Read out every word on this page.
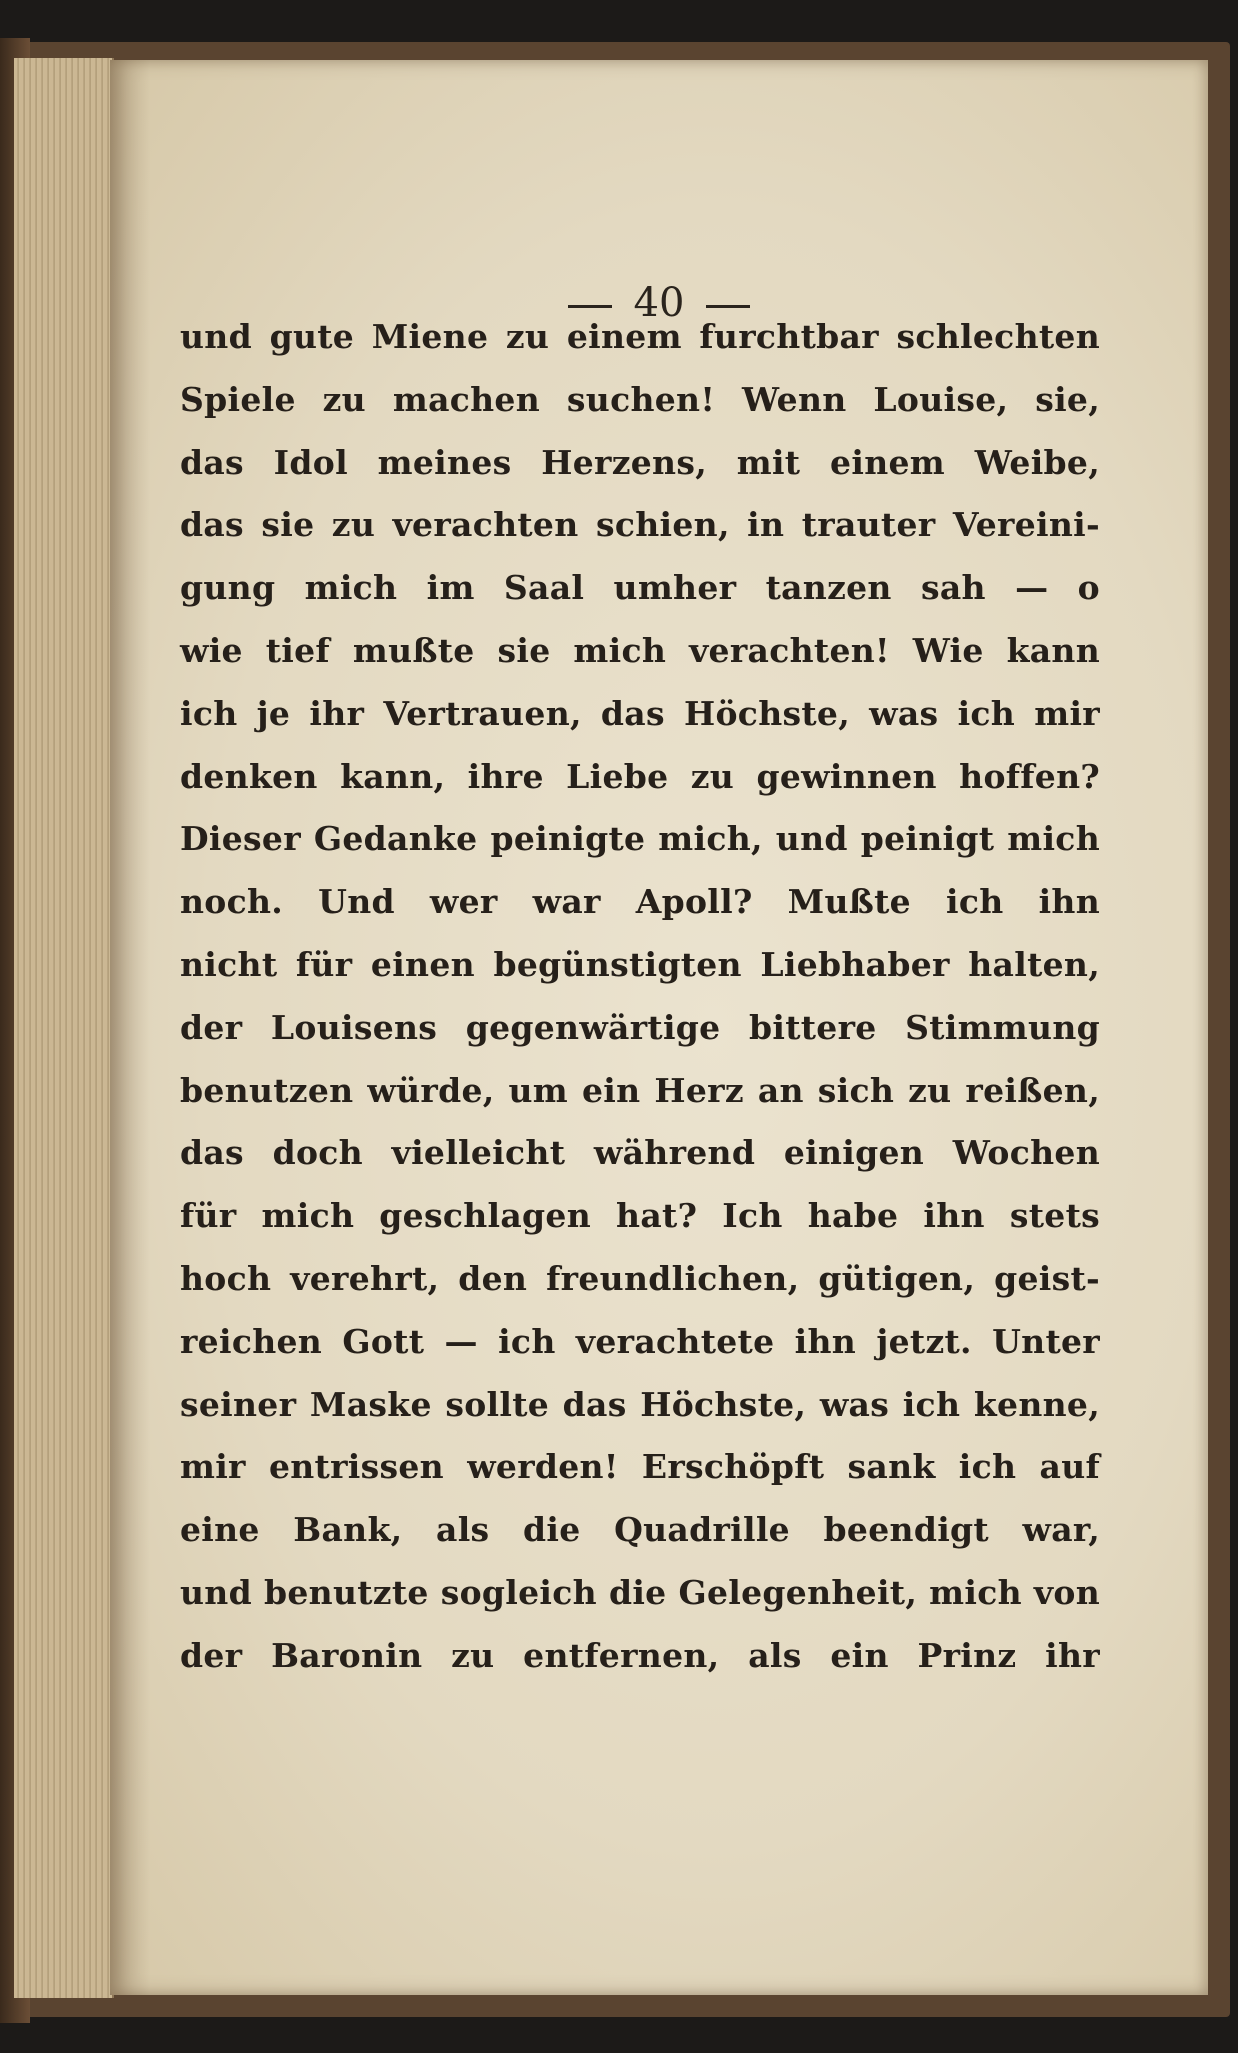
40
und gute Miene zu einem furchtbar schlechten
Spiele zu machen suchen! Wenn Louise, sie,
das Idol meines Herzens, mit einem Weibe,
das sie zu verachten schien, in trauter Vereini-
gung mich im Saal umher tanzen sah — o
wie tief mußte sie mich verachten! Wie kann
ich je ihr Vertrauen, das Höchste, was ich mir
denken kann, ihre Liebe zu gewinnen hoffen?
Dieser Gedanke peinigte mich, und peinigt mich
noch. Und wer war Apoll? Mußte ich ihn
nicht für einen begünstigten Liebhaber halten,
der Louisens gegenwärtige bittere Stimmung
benutzen würde, um ein Herz an sich zu reißen,
das doch vielleicht während einigen Wochen
für mich geschlagen hat? Ich habe ihn stets
hoch verehrt, den freundlichen, gütigen, geist-
reichen Gott — ich verachtete ihn jetzt. Unter
seiner Maske sollte das Höchste, was ich kenne,
mir entrissen werden! Erschöpft sank ich auf
eine Bank, als die Quadrille beendigt war,
und benutzte sogleich die Gelegenheit, mich von
der Baronin zu entfernen, als ein Prinz ihr
